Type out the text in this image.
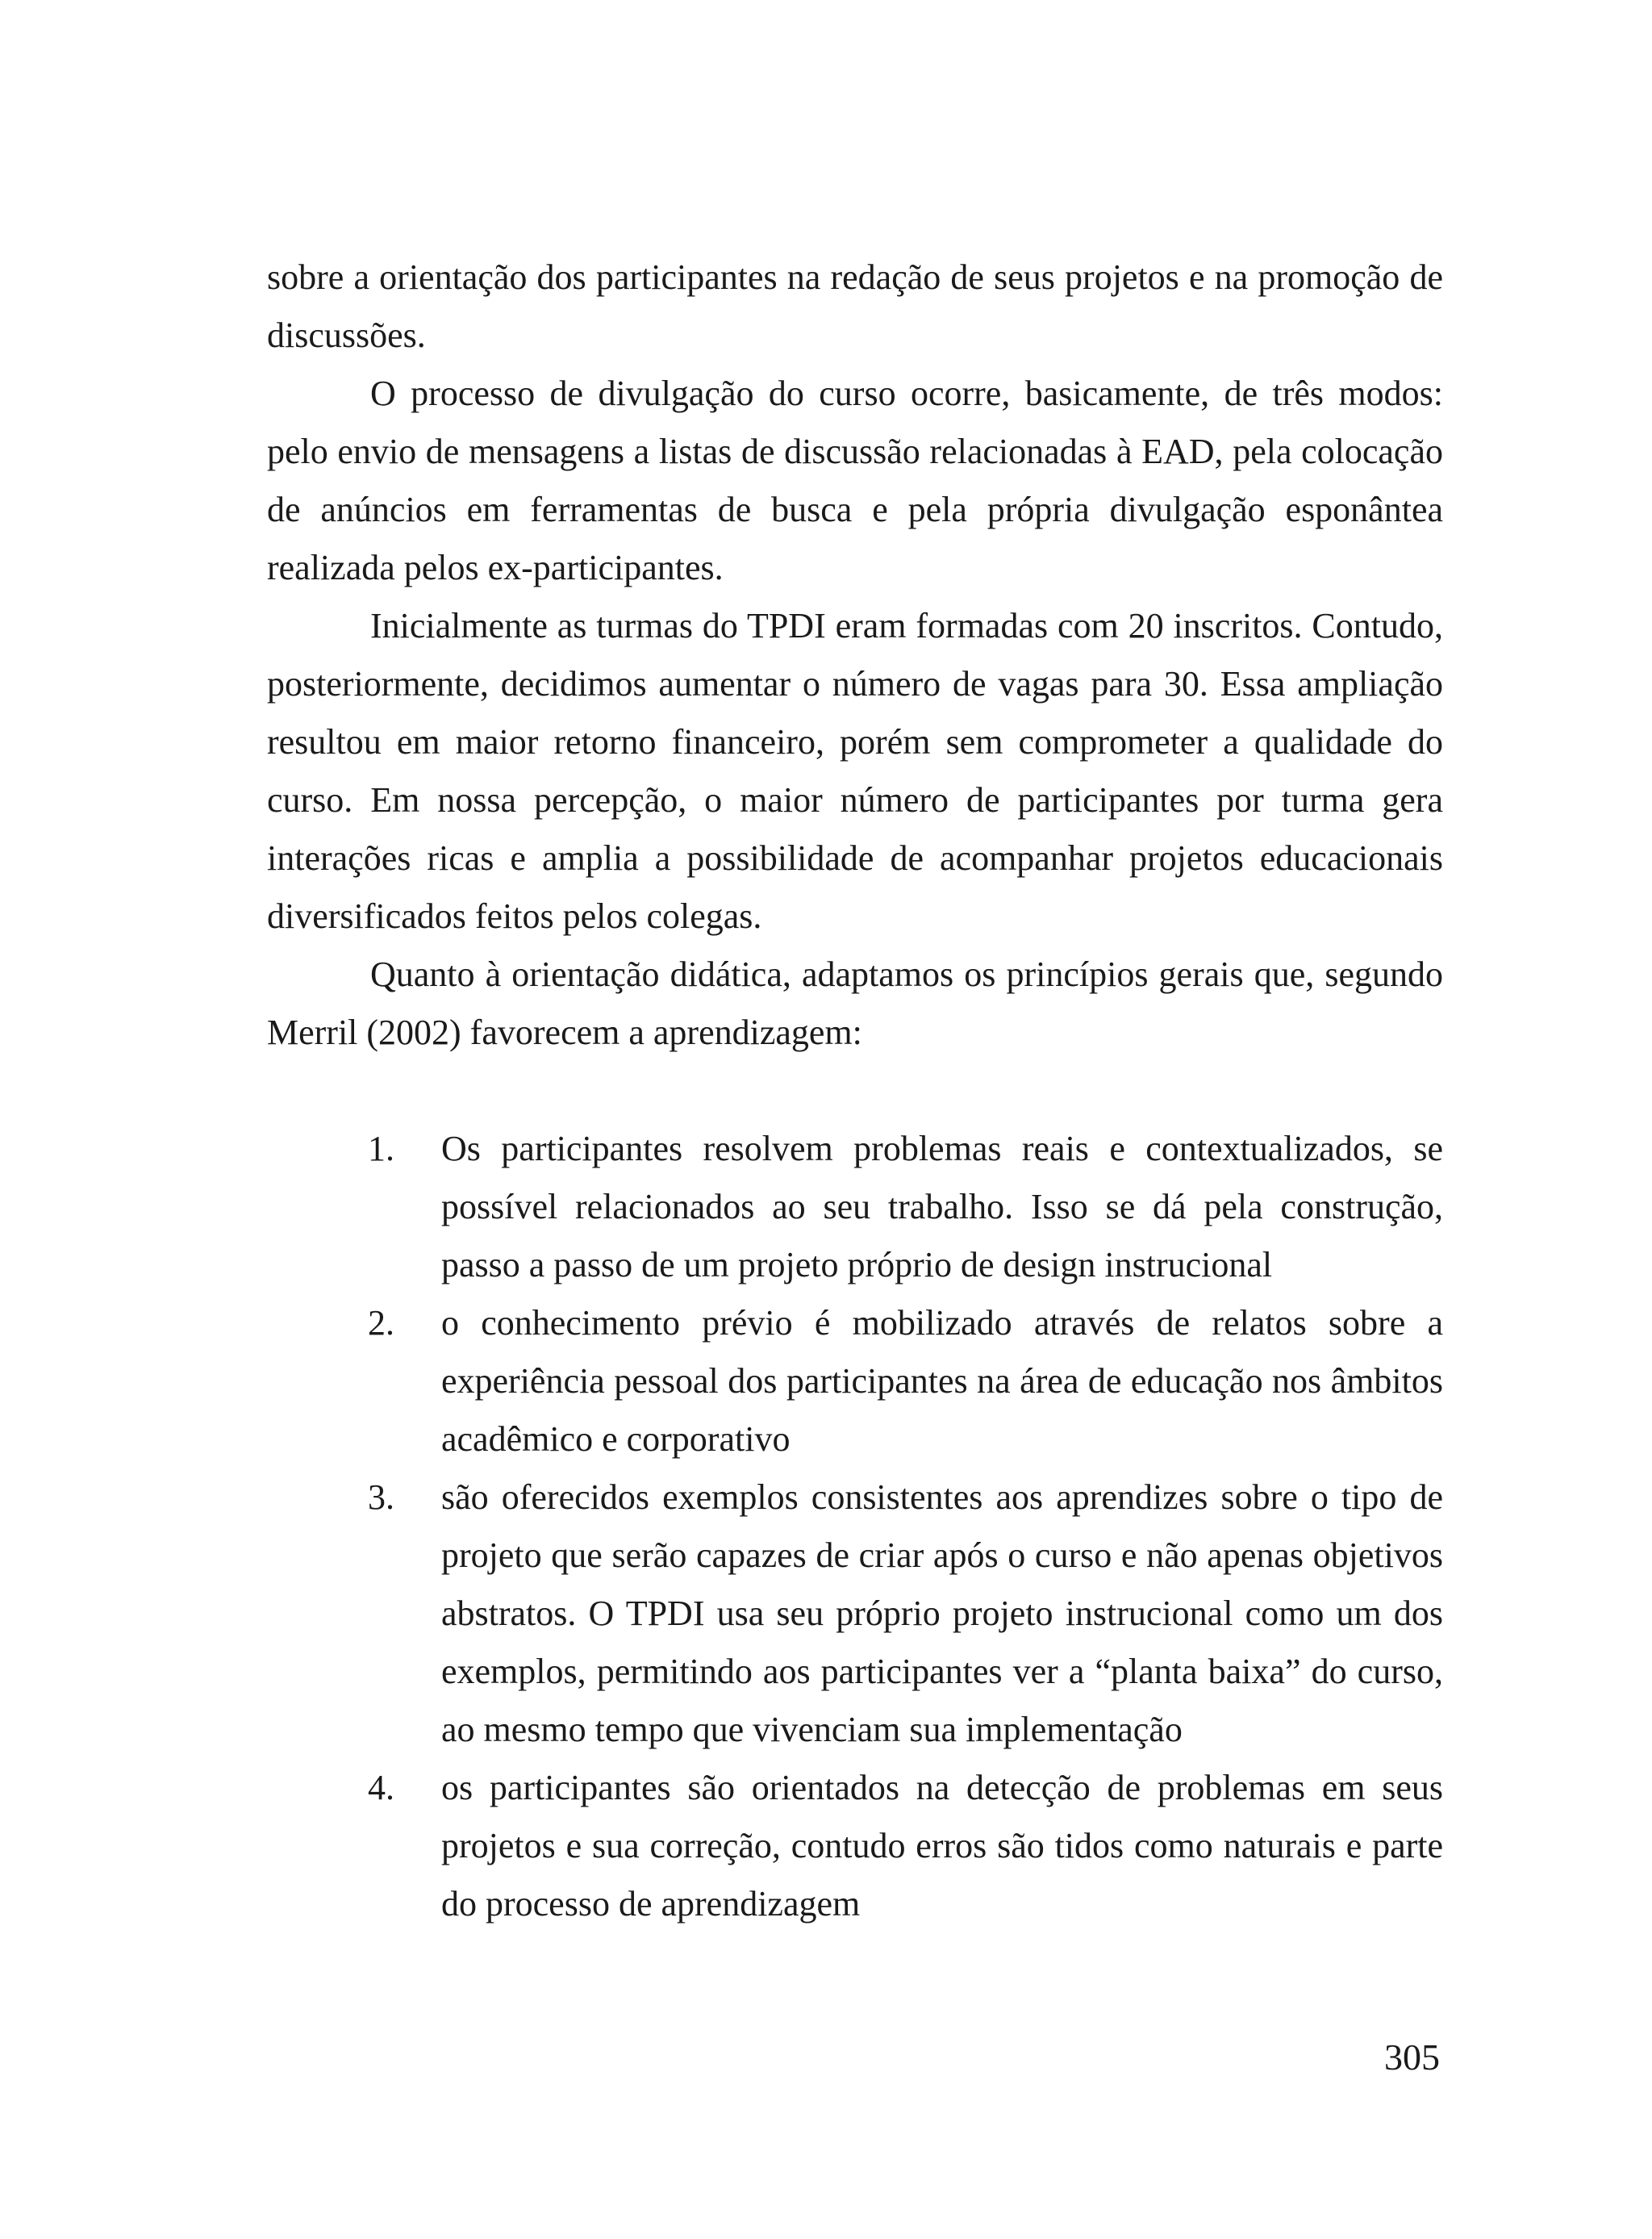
sobre a orientação dos participantes na redação de seus projetos e na promoção de discussões.

O processo de divulgação do curso ocorre, basicamente, de três modos: pelo envio de mensagens a listas de discussão relacionadas à EAD, pela colocação de anúncios em ferramentas de busca e pela própria divulgação esponântea realizada pelos ex-participantes.

Inicialmente as turmas do TPDI eram formadas com 20 inscritos. Contudo, posteriormente, decidimos aumentar o número de vagas para 30. Essa ampliação resultou em maior retorno financeiro, porém sem comprometer a qualidade do curso. Em nossa percepção, o maior número de participantes por turma gera interações ricas e amplia a possibilidade de acompanhar projetos educacionais diversificados feitos pelos colegas.

Quanto à orientação didática, adaptamos os princípios gerais que, segundo Merril (2002) favorecem a aprendizagem:

1. Os participantes resolvem problemas reais e contextualizados, se possível relacionados ao seu trabalho. Isso se dá pela construção, passo a passo de um projeto próprio de design instrucional
2. o conhecimento prévio é mobilizado através de relatos sobre a experiência pessoal dos participantes na área de educação nos âmbitos acadêmico e corporativo
3. são oferecidos exemplos consistentes aos aprendizes sobre o tipo de projeto que serão capazes de criar após o curso e não apenas objetivos abstratos. O TPDI usa seu próprio projeto instrucional como um dos exemplos, permitindo aos participantes ver a “planta baixa” do curso, ao mesmo tempo que vivenciam sua implementação
4. os participantes são orientados na detecção de problemas em seus projetos e sua correção, contudo erros são tidos como naturais e parte do processo de aprendizagem
305
